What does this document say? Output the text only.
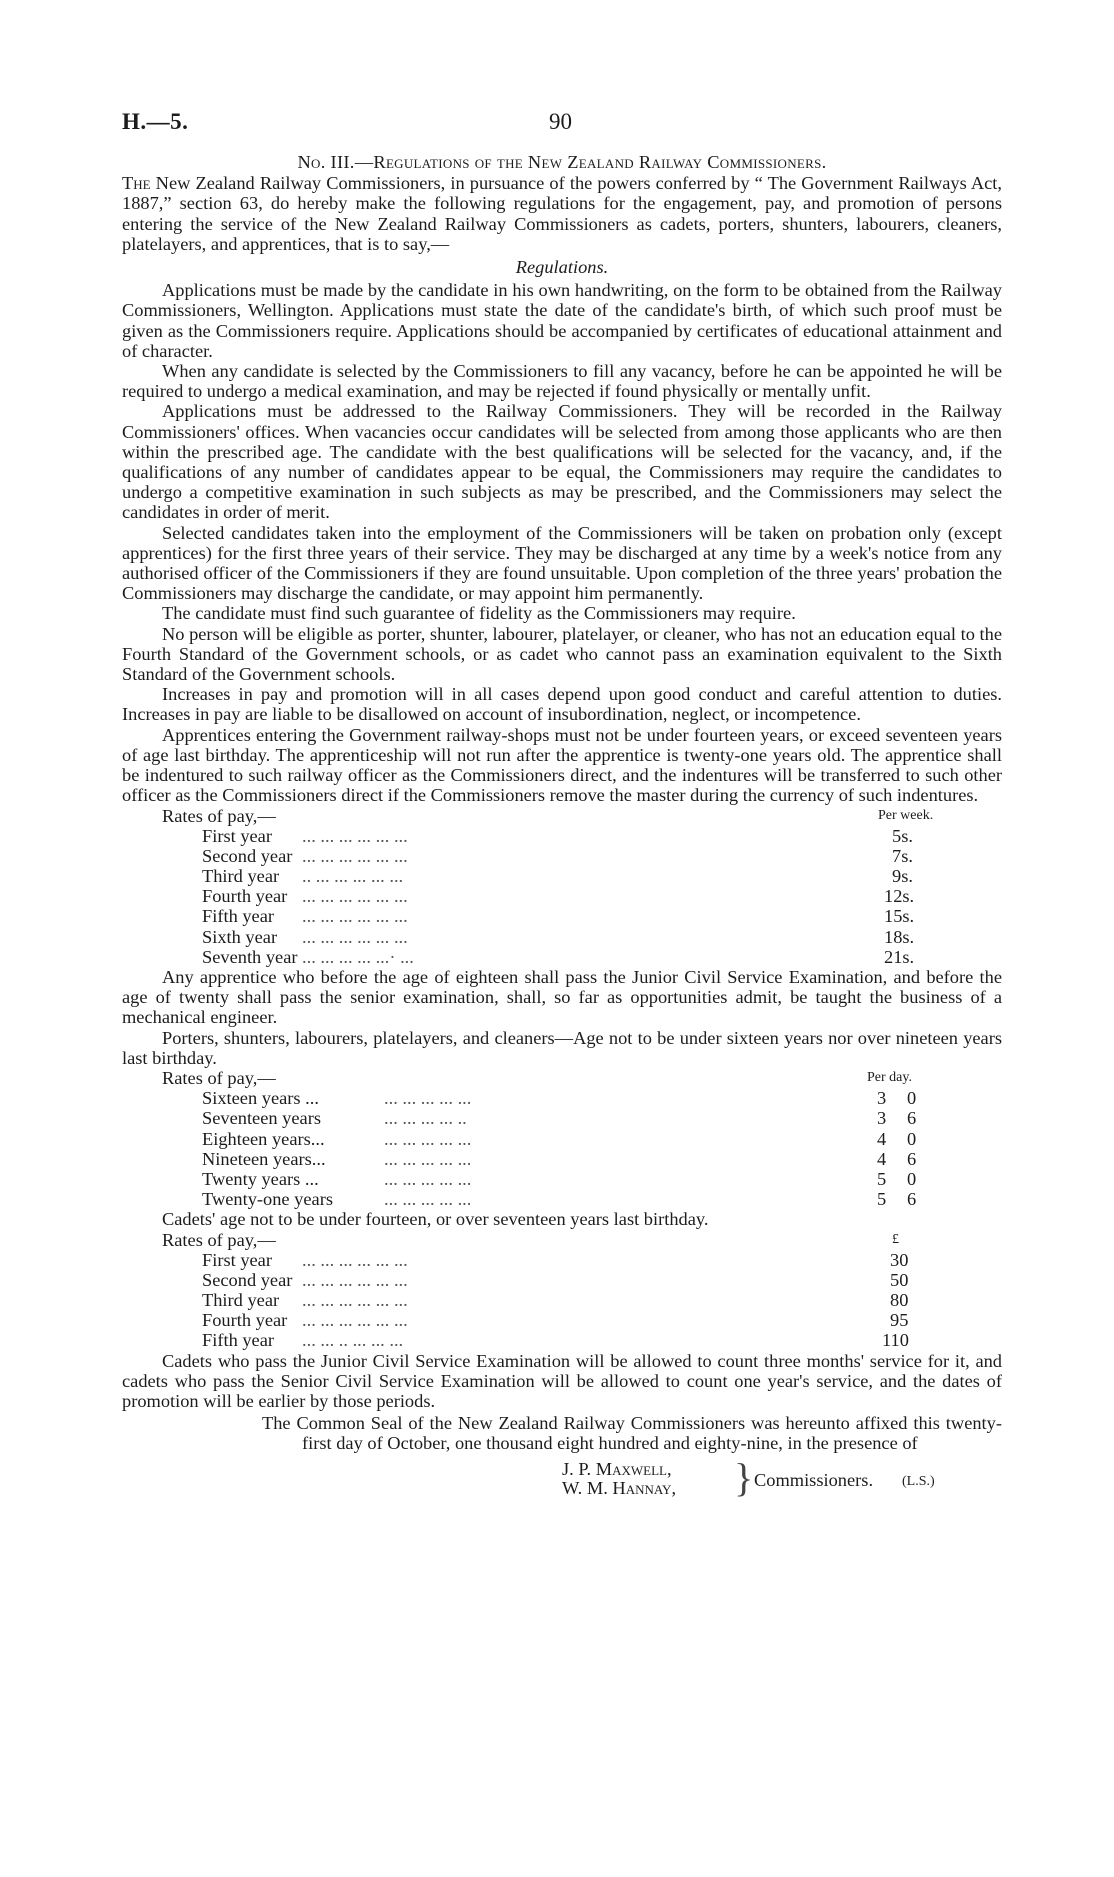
H.—5.	90
No. III.—Regulations of the New Zealand Railway Commissioners.

The New Zealand Railway Commissioners, in pursuance of the powers conferred by “ The Government Railways Act, 1887,” section 63, do hereby make the following regulations for the engagement, pay, and promotion of persons entering the service of the New Zealand Railway Commissioners as cadets, porters, shunters, labourers, cleaners, platelayers, and apprentices, that is to say,—

Regulations.

Applications must be made by the candidate in his own handwriting, on the form to be obtained from the Railway Commissioners, Wellington. Applications must state the date of the candidate's birth, of which such proof must be given as the Commissioners require. Applications should be accompanied by certificates of educational attainment and of character.

When any candidate is selected by the Commissioners to fill any vacancy, before he can be appointed he will be required to undergo a medical examination, and may be rejected if found physically or mentally unfit.

Applications must be addressed to the Railway Commissioners. They will be recorded in the Railway Commissioners' offices. When vacancies occur candidates will be selected from among those applicants who are then within the prescribed age. The candidate with the best qualifications will be selected for the vacancy, and, if the qualifications of any number of candidates appear to be equal, the Commissioners may require the candidates to undergo a competitive examination in such subjects as may be prescribed, and the Commissioners may select the candidates in order of merit.

Selected candidates taken into the employment of the Commissioners will be taken on probation only (except apprentices) for the first three years of their service. They may be discharged at any time by a week's notice from any authorised officer of the Commissioners if they are found unsuitable. Upon completion of the three years' probation the Commissioners may discharge the candidate, or may appoint him permanently.

The candidate must find such guarantee of fidelity as the Commissioners may require.

No person will be eligible as porter, shunter, labourer, platelayer, or cleaner, who has not an education equal to the Fourth Standard of the Government schools, or as cadet who cannot pass an examination equivalent to the Sixth Standard of the Government schools.

Increases in pay and promotion will in all cases depend upon good conduct and careful attention to duties. Increases in pay are liable to be disallowed on account of insubordination, neglect, or incompetence.

Apprentices entering the Government railway-shops must not be under fourteen years, or exceed seventeen years of age last birthday. The apprenticeship will not run after the apprentice is twenty-one years old. The apprentice shall be indentured to such railway officer as the Commissioners direct, and the indentures will be transferred to such other officer as the Commissioners direct if the Commissioners remove the master during the currency of such indentures.

Rates of pay,—	Per week.
First year ... ... ... ... ... ...	5s.
Second year ... ... ... ... ... ...	7s.
Third year .. ... ... ... ... ...	9s.
Fourth year ... ... ... ... ... ...	12s.
Fifth year ... ... ... ... ... ...	15s.
Sixth year ... ... ... ... ... ...	18s.
Seventh year ... ... ... ... ...· ...	21s.

Any apprentice who before the age of eighteen shall pass the Junior Civil Service Examination, and before the age of twenty shall pass the senior examination, shall, so far as opportunities admit, be taught the business of a mechanical engineer.

Porters, shunters, labourers, platelayers, and cleaners—Age not to be under sixteen years nor over nineteen years last birthday.

Rates of pay,—	Per day.
Sixteen years ...	... ... ... ... ...	3 0
Seventeen years	... ... ... ... ..	3 6
Eighteen years...	... ... ... ... ...	4 0
Nineteen years...	... ... ... ... ...	4 6
Twenty years ...	... ... ... ... ...	5 0
Twenty-one years	... ... ... ... ...	5 6

Cadets' age not to be under fourteen, or over seventeen years last birthday.

Rates of pay,—	£
First year ... ... ... ... ... ...	30
Second year ... ... ... ... ... ...	50
Third year ... ... ... ... ... ...	80
Fourth year ... ... ... ... ... ...	95
Fifth year ... ... .. ... ... ...	110

Cadets who pass the Junior Civil Service Examination will be allowed to count three months' service for it, and cadets who pass the Senior Civil Service Examination will be allowed to count one year's service, and the dates of promotion will be earlier by those periods.

The Common Seal of the New Zealand Railway Commissioners was hereunto affixed this twenty-first day of October, one thousand eight hundred and eighty-nine, in the presence of

J. P. Maxwell,
W. M. Hannay, } Commissioners. (L.S.)
